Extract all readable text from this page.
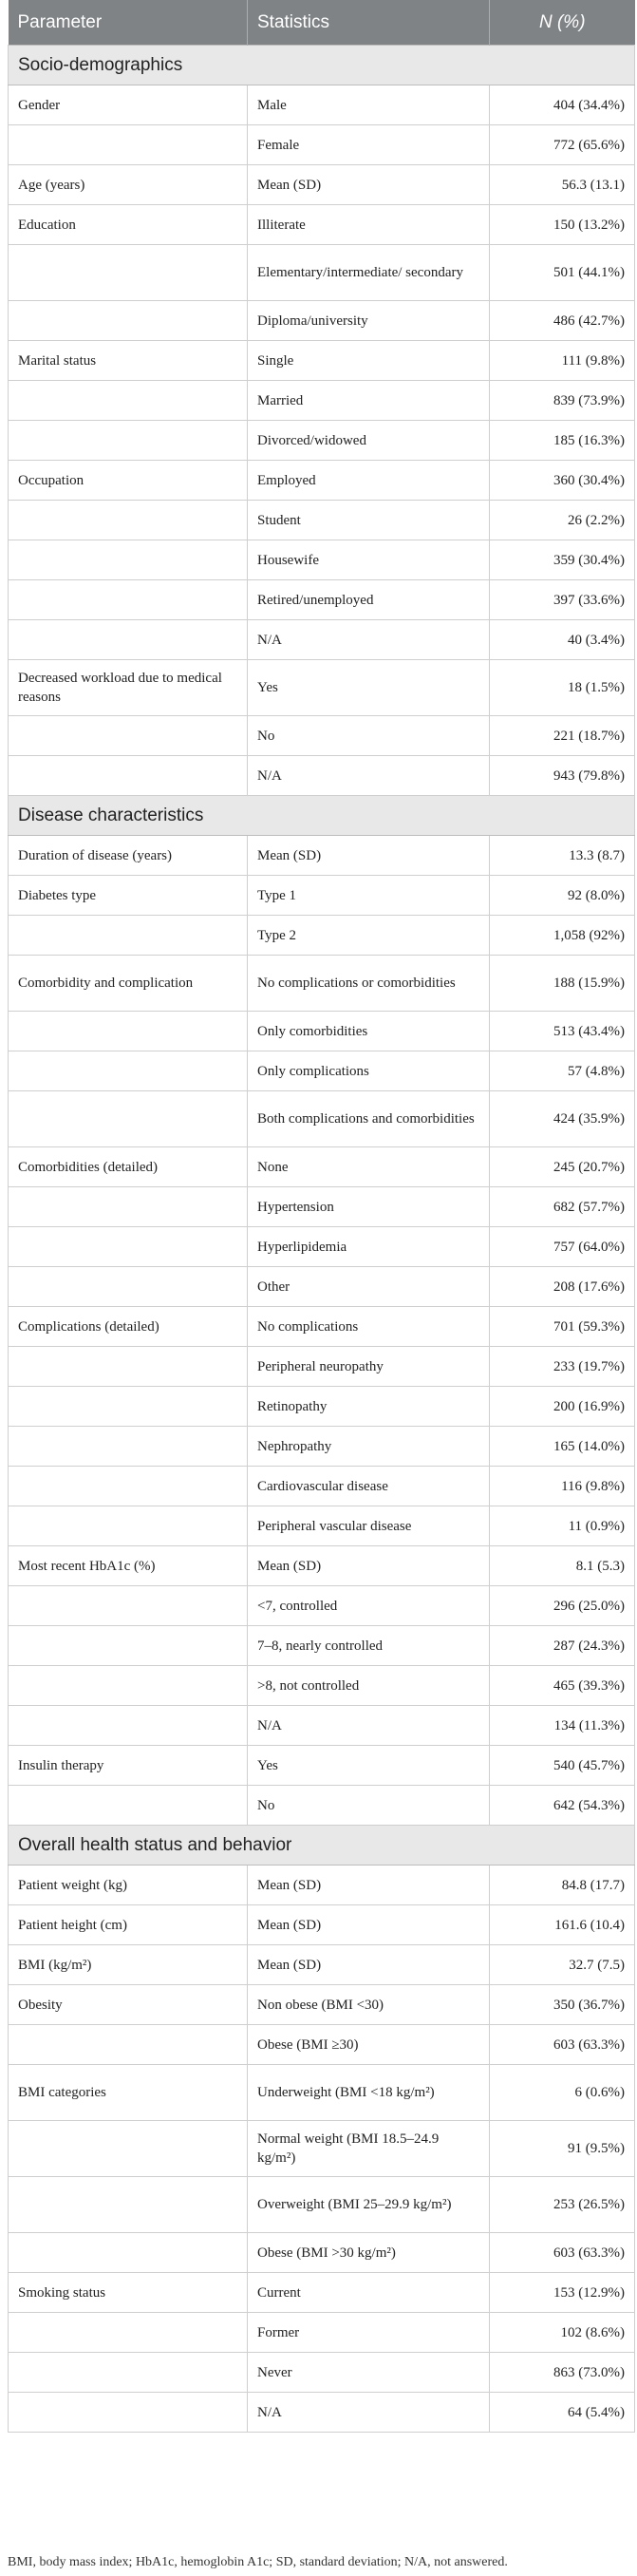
Parameter	Statistics	N (%)
Socio-demographics		
Gender	Male	404 (34.4%)
	Female	772 (65.6%)
Age (years)	Mean (SD)	56.3 (13.1)
Education	Illiterate	150 (13.2%)
	Elementary/intermediate/ secondary	501 (44.1%)
	Diploma/university	486 (42.7%)
Marital status	Single	111 (9.8%)
	Married	839 (73.9%)
	Divorced/widowed	185 (16.3%)
Occupation	Employed	360 (30.4%)
	Student	26 (2.2%)
	Housewife	359 (30.4%)
	Retired/unemployed	397 (33.6%)
	N/A	40 (3.4%)
Decreased workload due to medical reasons	Yes	18 (1.5%)
	No	221 (18.7%)
	N/A	943 (79.8%)
Disease characteristics		
Duration of disease (years)	Mean (SD)	13.3 (8.7)
Diabetes type	Type 1	92 (8.0%)
	Type 2	1,058 (92%)
Comorbidity and complication	No complications or comorbidities	188 (15.9%)
	Only comorbidities	513 (43.4%)
	Only complications	57 (4.8%)
	Both complications and comorbidities	424 (35.9%)
Comorbidities (detailed)	None	245 (20.7%)
	Hypertension	682 (57.7%)
	Hyperlipidemia	757 (64.0%)
	Other	208 (17.6%)
Complications (detailed)	No complications	701 (59.3%)
	Peripheral neuropathy	233 (19.7%)
	Retinopathy	200 (16.9%)
	Nephropathy	165 (14.0%)
	Cardiovascular disease	116 (9.8%)
	Peripheral vascular disease	11 (0.9%)
Most recent HbA1c (%)	Mean (SD)	8.1 (5.3)
	<7, controlled	296 (25.0%)
	7–8, nearly controlled	287 (24.3%)
	>8, not controlled	465 (39.3%)
	N/A	134 (11.3%)
Insulin therapy	Yes	540 (45.7%)
	No	642 (54.3%)
Overall health status and behavior		
Patient weight (kg)	Mean (SD)	84.8 (17.7)
Patient height (cm)	Mean (SD)	161.6 (10.4)
BMI (kg/m²)	Mean (SD)	32.7 (7.5)
Obesity	Non obese (BMI <30)	350 (36.7%)
	Obese (BMI ≥30)	603 (63.3%)
BMI categories	Underweight (BMI <18 kg/m²)	6 (0.6%)
	Normal weight (BMI 18.5–24.9 kg/m²)	91 (9.5%)
	Overweight (BMI 25–29.9 kg/m²)	253 (26.5%)
	Obese (BMI >30 kg/m²)	603 (63.3%)
Smoking status	Current	153 (12.9%)
	Former	102 (8.6%)
	Never	863 (73.0%)
	N/A	64 (5.4%)
BMI, body mass index; HbA1c, hemoglobin A1c; SD, standard deviation; N/A, not answered.
